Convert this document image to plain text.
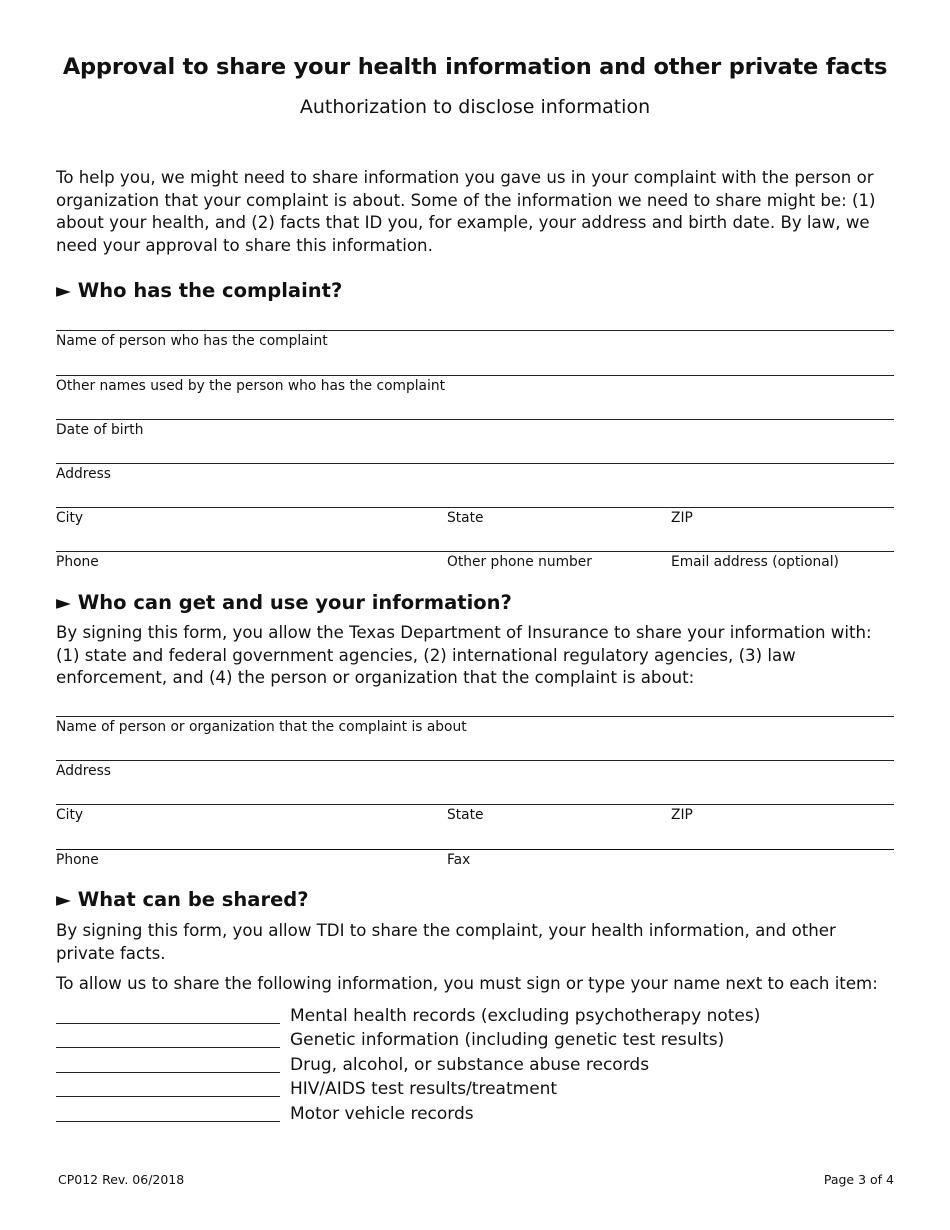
Approval to share your health information and other private facts
Authorization to disclose information

To help you, we might need to share information you gave us in your complaint with the person or organization that your complaint is about. Some of the information we need to share might be: (1) about your health, and (2) facts that ID you, for example, your address and birth date. By law, we need your approval to share this information.

► Who has the complaint?
Name of person who has the complaint
Other names used by the person who has the complaint
Date of birth
Address
City	State	ZIP
Phone	Other phone number	Email address (optional)
► Who can get and use your information?

By signing this form, you allow the Texas Department of Insurance to share your information with: (1) state and federal government agencies, (2) international regulatory agencies, (3) law enforcement, and (4) the person or organization that the complaint is about:

Name of person or organization that the complaint is about
Address
City	State	ZIP
Phone	Fax
► What can be shared?

By signing this form, you allow TDI to share the complaint, your health information, and other private facts.

To allow us to share the following information, you must sign or type your name next to each item:

Mental health records (excluding psychotherapy notes)
Genetic information (including genetic test results)
Drug, alcohol, or substance abuse records
HIV/AIDS test results/treatment
Motor vehicle records
CP012 Rev. 06/2018	Page 3 of 4
